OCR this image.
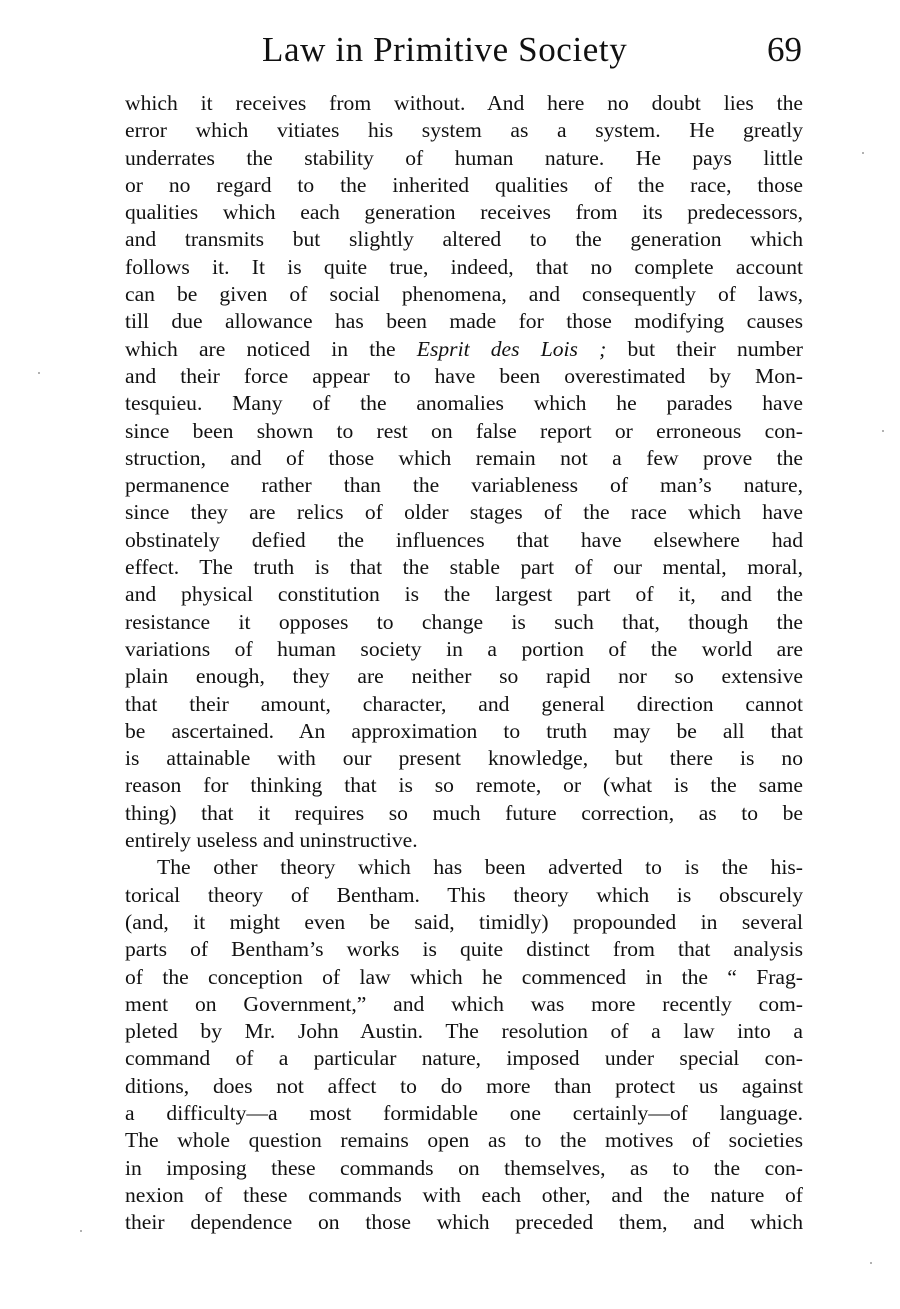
Law in Primitive Society	69
which it receives from without. And here no doubt lies the
error which vitiates his system as a system. He greatly
underrates the stability of human nature. He pays little
or no regard to the inherited qualities of the race, those
qualities which each generation receives from its predecessors,
and transmits but slightly altered to the generation which
follows it. It is quite true, indeed, that no complete account
can be given of social phenomena, and consequently of laws,
till due allowance has been made for those modifying causes
which are noticed in the Esprit des Lois ; but their number
and their force appear to have been overestimated by Mon-
tesquieu. Many of the anomalies which he parades have
since been shown to rest on false report or erroneous con-
struction, and of those which remain not a few prove the
permanence rather than the variableness of man’s nature,
since they are relics of older stages of the race which have
obstinately defied the influences that have elsewhere had
effect. The truth is that the stable part of our mental, moral,
and physical constitution is the largest part of it, and the
resistance it opposes to change is such that, though the
variations of human society in a portion of the world are
plain enough, they are neither so rapid nor so extensive
that their amount, character, and general direction cannot
be ascertained. An approximation to truth may be all that
is attainable with our present knowledge, but there is no
reason for thinking that is so remote, or (what is the same
thing) that it requires so much future correction, as to be
entirely useless and uninstructive.
The other theory which has been adverted to is the his-
torical theory of Bentham. This theory which is obscurely
(and, it might even be said, timidly) propounded in several
parts of Bentham’s works is quite distinct from that analysis
of the conception of law which he commenced in the “ Frag-
ment on Government,” and which was more recently com-
pleted by Mr. John Austin. The resolution of a law into a
command of a particular nature, imposed under special con-
ditions, does not affect to do more than protect us against
a difficulty—a most formidable one certainly—of language.
The whole question remains open as to the motives of societies
in imposing these commands on themselves, as to the con-
nexion of these commands with each other, and the nature of
their dependence on those which preceded them, and which
